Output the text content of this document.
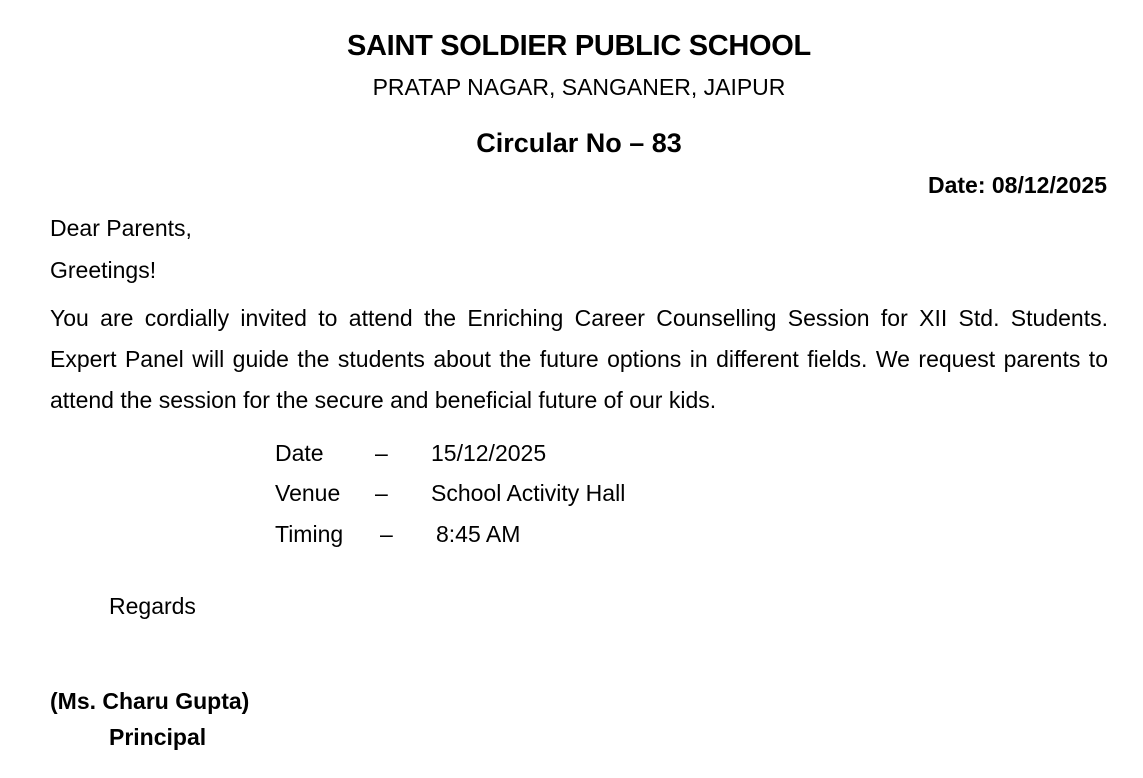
SAINT SOLDIER PUBLIC SCHOOL
PRATAP NAGAR, SANGANER, JAIPUR
Circular No – 83
Date: 08/12/2025
Dear Parents,
Greetings!
You are cordially invited to attend the Enriching Career Counselling Session for XII Std. Students. Expert Panel will guide the students about the future options in different fields. We request parents to attend the session for the secure and beneficial future of our kids.
Date	–	15/12/2025
Venue	–	School Activity Hall
Timing	–	8:45 AM
Regards
(Ms. Charu Gupta)
Principal
